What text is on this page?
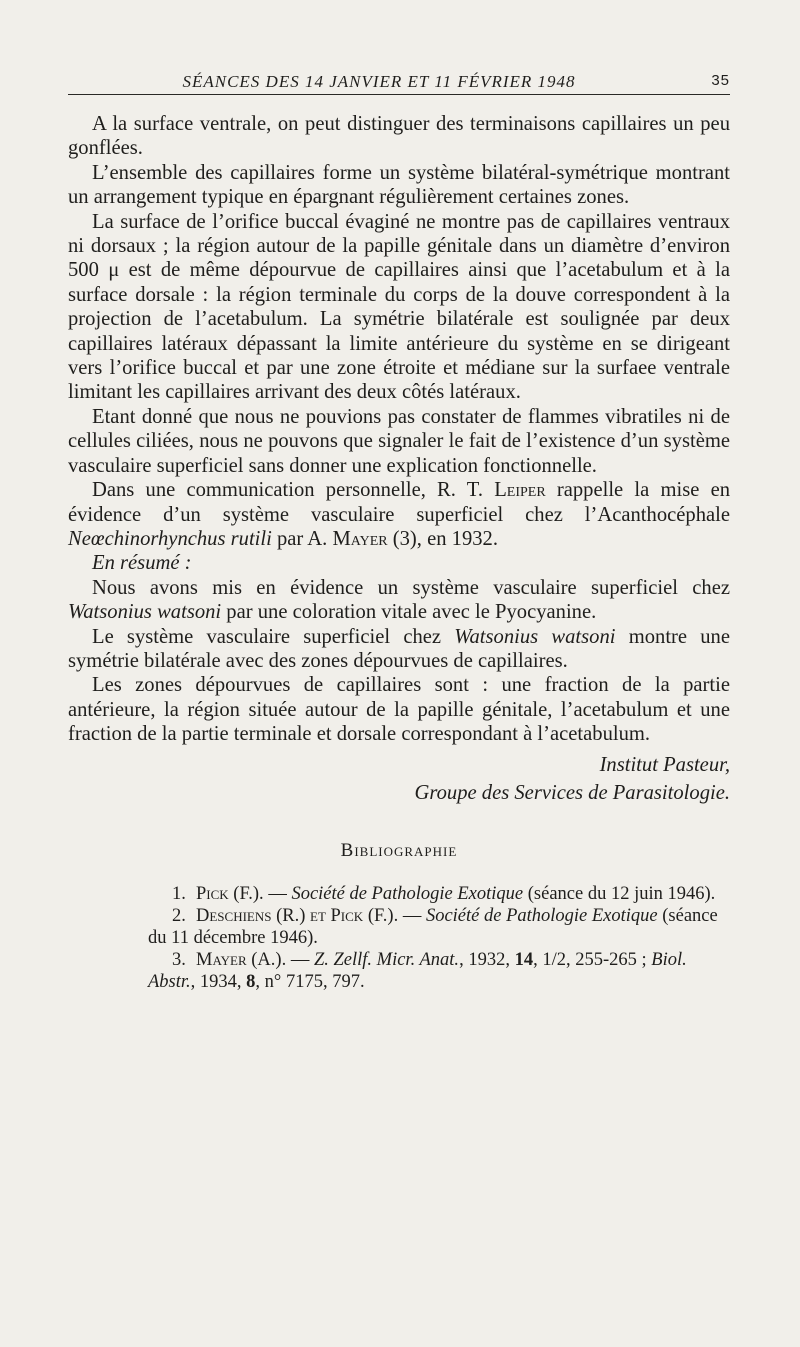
SÉANCES DES 14 JANVIER ET 11 FÉVRIER 1948	35

A la surface ventrale, on peut distinguer des terminaisons capillaires un peu gonflées.

L’ensemble des capillaires forme un système bilatéral-symétrique montrant un arrangement typique en épargnant régulièrement certaines zones.

La surface de l’orifice buccal évaginé ne montre pas de capillaires ventraux ni dorsaux ; la région autour de la papille génitale dans un diamètre d’environ 500 μ est de même dépourvue de capillaires ainsi que l’acetabulum et à la surface dorsale : la région terminale du corps de la douve correspondent à la projection de l’acetabulum. La symétrie bilatérale est soulignée par deux capillaires latéraux dépassant la limite antérieure du système en se dirigeant vers l’orifice buccal et par une zone étroite et médiane sur la surfaee ventrale limitant les capillaires arrivant des deux côtés latéraux.

Etant donné que nous ne pouvions pas constater de flammes vibratiles ni de cellules ciliées, nous ne pouvons que signaler le fait de l’existence d’un système vasculaire superficiel sans donner une explication fonctionnelle.

Dans une communication personnelle, R. T. Leiper rappelle la mise en évidence d’un système vasculaire superficiel chez l’Acanthocéphale Neœchinorhynchus rutili par A. Mayer (3), en 1932.

En résumé :

Nous avons mis en évidence un système vasculaire superficiel chez Watsonius watsoni par une coloration vitale avec le Pyocyanine.

Le système vasculaire superficiel chez Watsonius watsoni montre une symétrie bilatérale avec des zones dépourvues de capillaires.

Les zones dépourvues de capillaires sont : une fraction de la partie antérieure, la région située autour de la papille génitale, l’acetabulum et une fraction de la partie terminale et dorsale correspondant à l’acetabulum.

Institut Pasteur,
Groupe des Services de Parasitologie.
Bibliographie

1. Pick (F.). — Société de Pathologie Exotique (séance du 12 juin 1946).

2. Deschiens (R.) et Pick (F.). — Société de Pathologie Exotique (séance du 11 décembre 1946).

3. Mayer (A.). — Z. Zellf. Micr. Anat., 1932, 14, 1/2, 255-265 ; Biol. Abstr., 1934, 8, n° 7175, 797.
